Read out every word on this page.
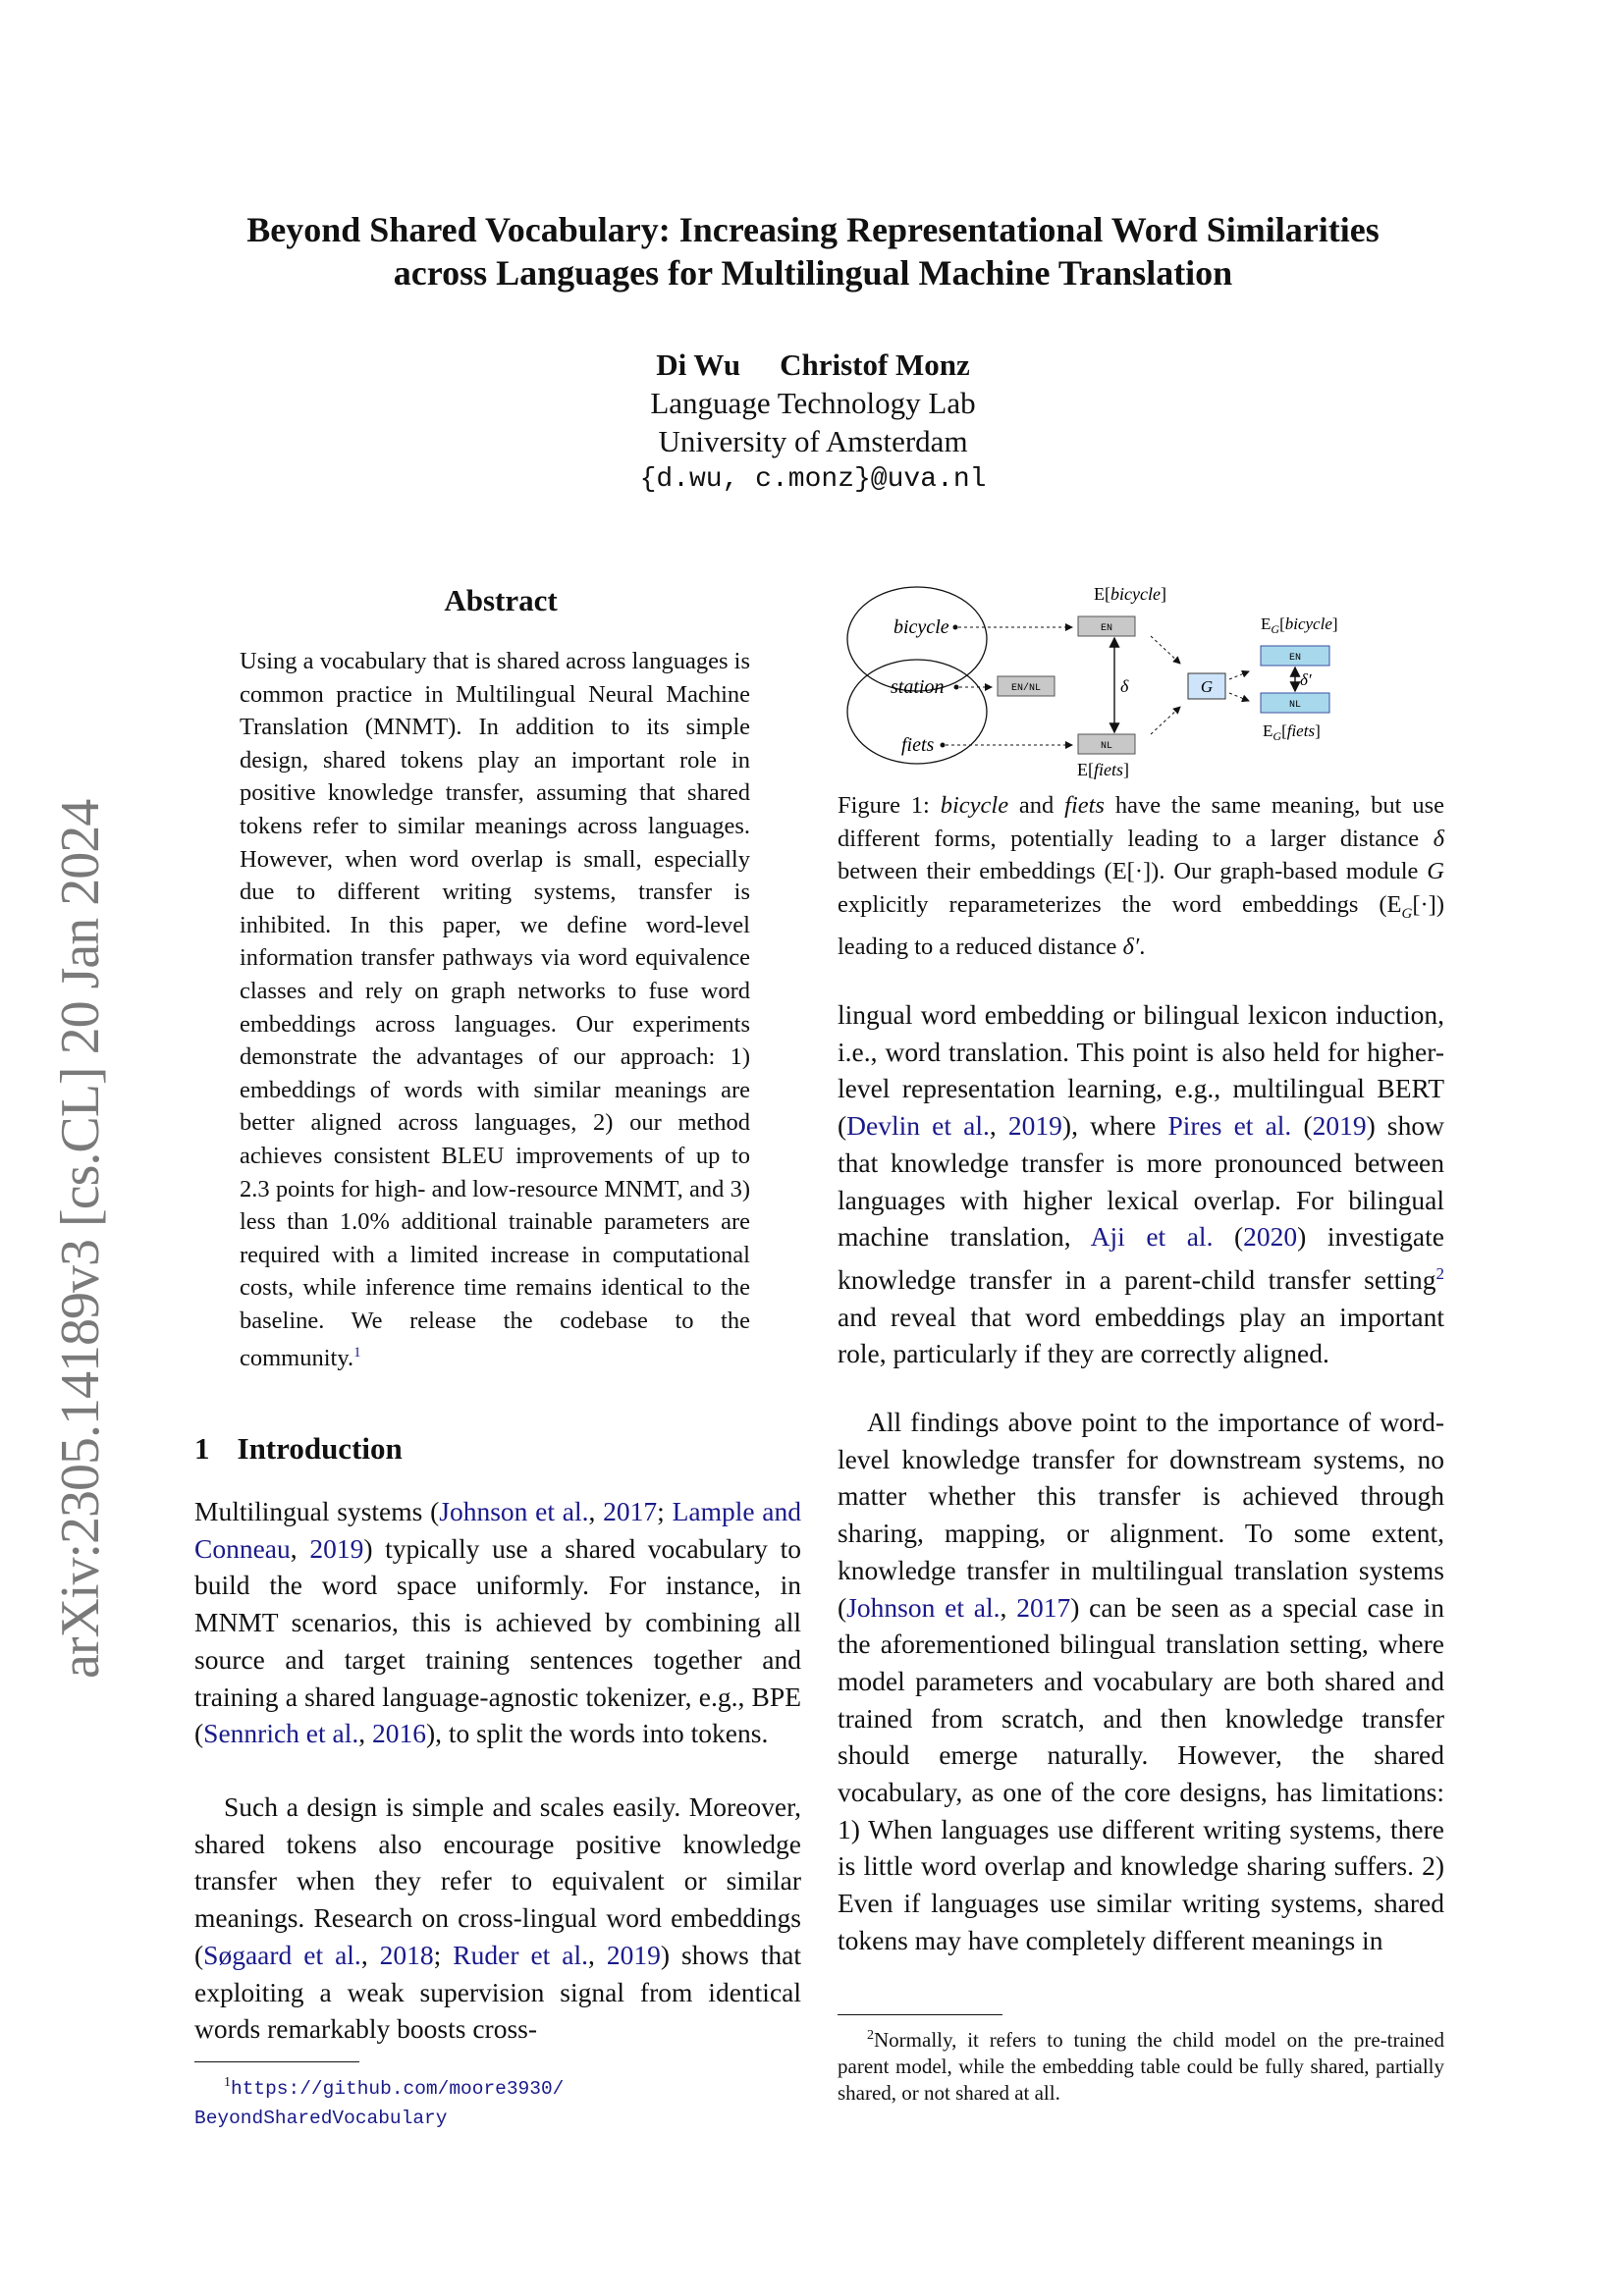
arXiv:2305.14189v3 [cs.CL] 20 Jan 2024
Beyond Shared Vocabulary: Increasing Representational Word Similarities
across Languages for Multilingual Machine Translation
Di Wu Christof Monz
Language Technology Lab
University of Amsterdam
{d.wu, c.monz}@uva.nl
Abstract
Using a vocabulary that is shared across languages is common practice in Multilingual Neural Machine Translation (MNMT). In addition to its simple design, shared tokens play an important role in positive knowledge transfer, assuming that shared tokens refer to similar meanings across languages. However, when word overlap is small, especially due to different writing systems, transfer is inhibited. In this paper, we define word-level information transfer pathways via word equivalence classes and rely on graph networks to fuse word embeddings across languages. Our experiments demonstrate the advantages of our approach: 1) embeddings of words with similar meanings are better aligned across languages, 2) our method achieves consistent BLEU improvements of up to 2.3 points for high- and low-resource MNMT, and 3) less than 1.0% additional trainable parameters are required with a limited increase in computational costs, while inference time remains identical to the baseline. We release the codebase to the community.$^1$
1 Introduction
Multilingual systems (Johnson et al., 2017; Lample and Conneau, 2019) typically use a shared vocabulary to build the word space uniformly. For instance, in MNMT scenarios, this is achieved by combining all source and target training sentences together and training a shared language-agnostic tokenizer, e.g., BPE (Sennrich et al., 2016), to split the words into tokens.
Such a design is simple and scales easily. Moreover, shared tokens also encourage positive knowledge transfer when they refer to equivalent or similar meanings. Research on cross-lingual word embeddings (Søgaard et al., 2018; Ruder et al., 2019) shows that exploiting a weak supervision signal from identical words remarkably boosts cross-
$^1$https://github.com/moore3930/
BeyondSharedVocabulary
bicycle
station
fiets
E[bicycle]
EN
EN/NL
NL
E[fiets]
δ	G
$E_G[bicycle]$
EN
δ′
NL
$E_G[fiets]$
Figure 1: bicycle and fiets have the same meaning, but use different forms, potentially leading to a larger distance δ between their embeddings (E[·]). Our graph-based module G explicitly reparameterizes the word embeddings $(E_G[\cdot])$ leading to a reduced distance δ′.
lingual word embedding or bilingual lexicon induction, i.e., word translation. This point is also held for higher-level representation learning, e.g., multilingual BERT (Devlin et al., 2019), where Pires et al. (2019) show that knowledge transfer is more pronounced between languages with higher lexical overlap. For bilingual machine translation, Aji et al. (2020) investigate knowledge transfer in a parent-child transfer setting$^2$ and reveal that word embeddings play an important role, particularly if they are correctly aligned.
All findings above point to the importance of word-level knowledge transfer for downstream systems, no matter whether this transfer is achieved through sharing, mapping, or alignment. To some extent, knowledge transfer in multilingual translation systems (Johnson et al., 2017) can be seen as a special case in the aforementioned bilingual translation setting, where model parameters and vocabulary are both shared and trained from scratch, and then knowledge transfer should emerge naturally. However, the shared vocabulary, as one of the core designs, has limitations: 1) When languages use different writing systems, there is little word overlap and knowledge sharing suffers. 2) Even if languages use similar writing systems, shared tokens may have completely different meanings in
$^2$Normally, it refers to tuning the child model on the pre-trained parent model, while the embedding table could be fully shared, partially shared, or not shared at all.
